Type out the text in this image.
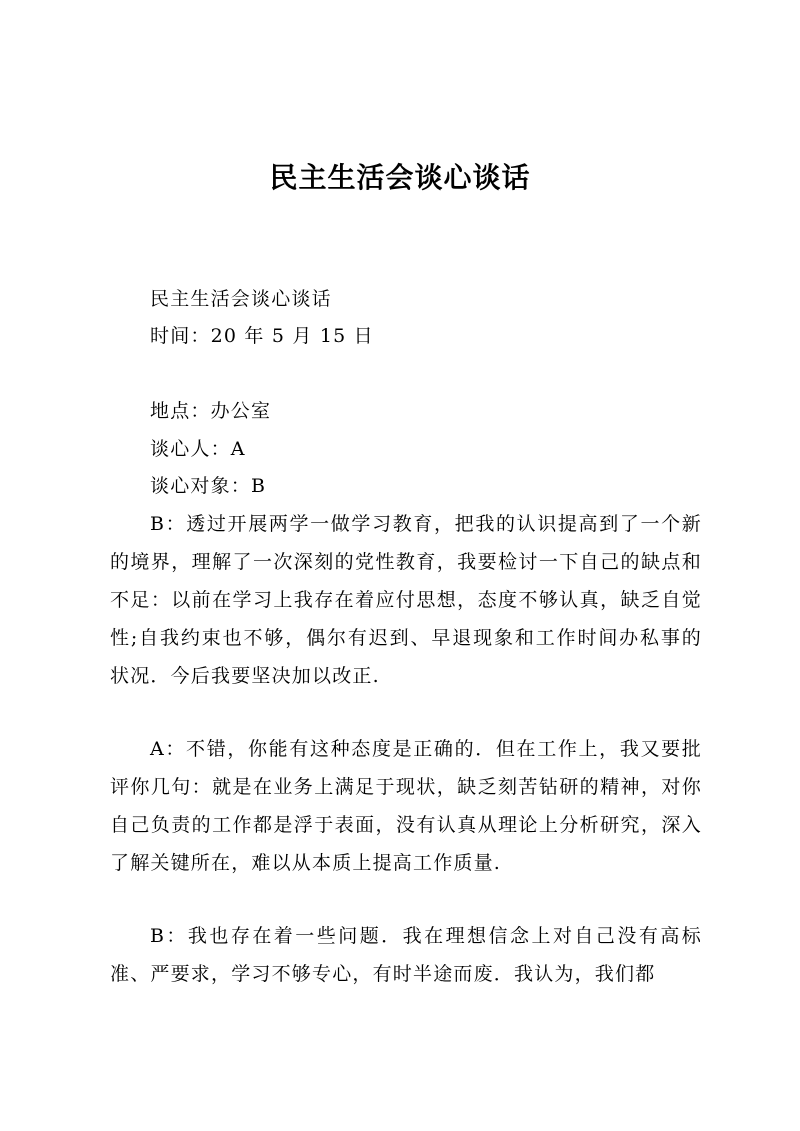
民主生活会谈心谈话
民主生活会谈心谈话
时间：20 年 5 月 15 日
地点：办公室
谈心人：A
谈心对象：B
B：透过开展两学一做学习教育，把我的认识提高到了一个新的境界，理解了一次深刻的党性教育，我要检讨一下自己的缺点和不足：以前在学习上我存在着应付思想，态度不够认真，缺乏自觉性;自我约束也不够，偶尔有迟到、早退现象和工作时间办私事的状况．今后我要坚决加以改正.
A：不错，你能有这种态度是正确的．但在工作上，我又要批评你几句：就是在业务上满足于现状，缺乏刻苦钻研的精神，对你自己负责的工作都是浮于表面，没有认真从理论上分析研究，深入了解关键所在，难以从本质上提高工作质量.
B：我也存在着一些问题．我在理想信念上对自己没有高标准、严要求，学习不够专心，有时半途而废．我认为，我们都
